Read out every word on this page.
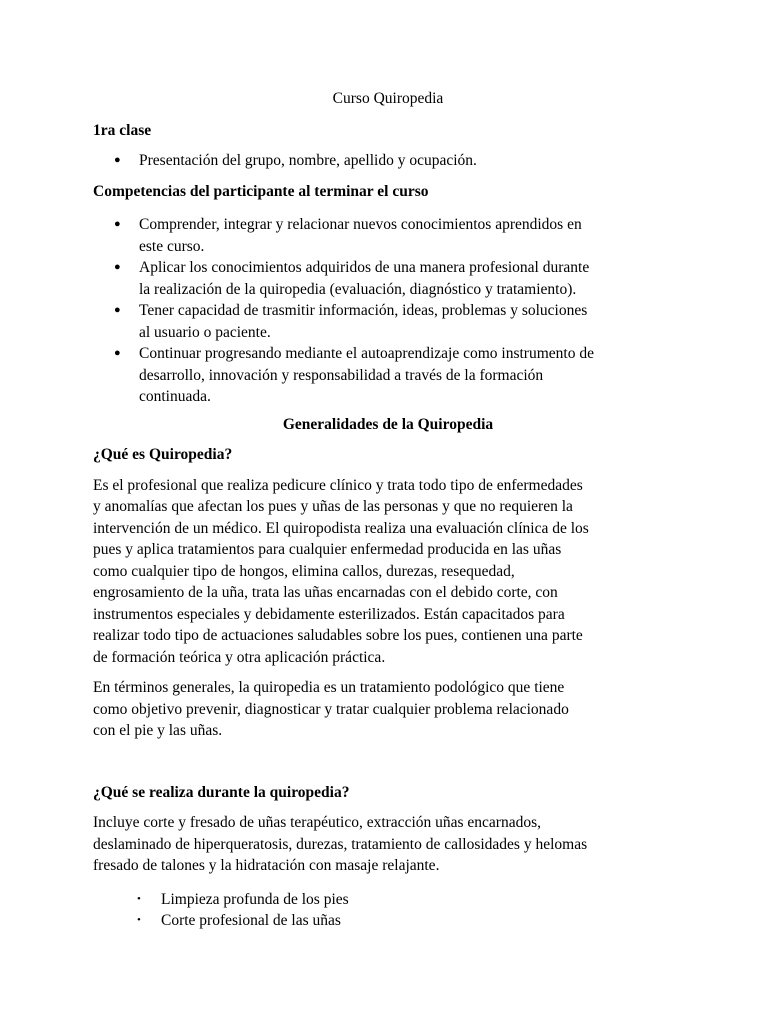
Curso Quiropedia
1ra clase
● Presentación del grupo, nombre, apellido y ocupación.
Competencias del participante al terminar el curso
● Comprender, integrar y relacionar nuevos conocimientos aprendidos en
este curso.
● Aplicar los conocimientos adquiridos de una manera profesional durante
la realización de la quiropedia (evaluación, diagnóstico y tratamiento).
● Tener capacidad de trasmitir información, ideas, problemas y soluciones
al usuario o paciente.
● Continuar progresando mediante el autoaprendizaje como instrumento de
desarrollo, innovación y responsabilidad a través de la formación
continuada.
Generalidades de la Quiropedia
¿Qué es Quiropedia?
Es el profesional que realiza pedicure clínico y trata todo tipo de enfermedades
y anomalías que afectan los pues y uñas de las personas y que no requieren la
intervención de un médico. El quiropodista realiza una evaluación clínica de los
pues y aplica tratamientos para cualquier enfermedad producida en las uñas
como cualquier tipo de hongos, elimina callos, durezas, resequedad,
engrosamiento de la uña, trata las uñas encarnadas con el debido corte, con
instrumentos especiales y debidamente esterilizados. Están capacitados para
realizar todo tipo de actuaciones saludables sobre los pues, contienen una parte
de formación teórica y otra aplicación práctica.
En términos generales, la quiropedia es un tratamiento podológico que tiene
como objetivo prevenir, diagnosticar y tratar cualquier problema relacionado
con el pie y las uñas.
¿Qué se realiza durante la quiropedia?
Incluye corte y fresado de uñas terapéutico, extracción uñas encarnados,
deslaminado de hiperqueratosis, durezas, tratamiento de callosidades y helomas
fresado de talones y la hidratación con masaje relajante.
•	Limpieza profunda de los pies
•	Corte profesional de las uñas
